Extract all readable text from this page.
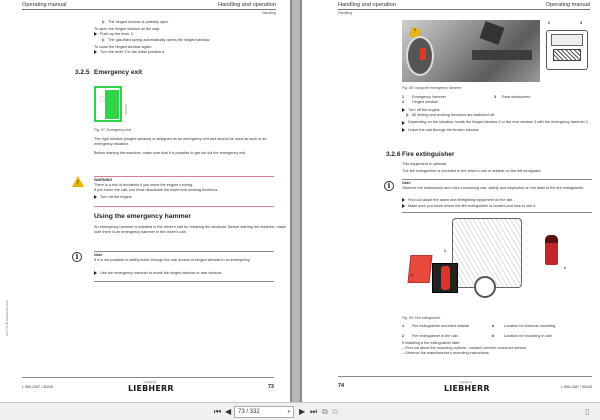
Operating manual	Handling and operation
Handling
The hinged window is partially open.
To open the hinged window all the way:
Push up the lever 3.
The gas-filled spring automatically opens the hinged window.
To close the hinged window again:
Turn the lever 3 to the initial position a.
3.2.5 Emergency exit
0000000
Fig. 57: Emergency exit
The right window (hinged window) is designed as an emergency exit and should be used as such in an emergency situation.
Before starting the machine, make sure that it is possible to get out via the emergency exit.
!	WARNING
There is a risk of accidents if you leave the engine running.
If you leave the cab, you must deactivate the travel and working functions.
Turn off the engine.
Using the emergency hammer
An emergency hammer is installed in the driver's cab for breaking the windows. Before starting the machine, make sure there is an emergency hammer in the driver's cab.
i	Note
If it is not possible to safely leave through the cab access or hinged window in an emergency:
Use the emergency hammer to break the hinged window or rear window.
2017-05-08 LIEBHERR DOC
L 550-1287 / 30245
copyright by
LIEBHERR	73
Handling and operation	Operating manual
Handling
1
2	3
Fig. 58: Using the emergency hammer
1 Emergency hammer	3 Rear windscreen
2 Hinged window
Turn off the engine.
All driving and working functions are switched off.
Depending on the situation, break the hinged window 2 or the rear window 3 with the emergency hammer 1.
Leave the cab through the broken window.
3.2.6 Fire extinguisher
This equipment is optional.
The fire extinguisher is mounted in the driver's cab or outside on the left mudguard.
i	Note
Observe the instructions and rules concerning use, safety and inspection on the label of the fire extinguisher.
Find out about fire alarm and firefighting equipment on the site.
Make sure you know where the fire extinguisher is located and how to use it.
1
2
a
Fig. 59: Fire extinguisher
1 Fire extinguisher mounted outside	a	Location for external mounting
2 Fire extinguisher in the cab	b	Location for mounting in cab
If installing a fire extinguisher later:
– Find out about the mounting options - contact Liebherr customer service.
– Observe the manufacturer's mounting instructions.
74
copyright by
LIEBHERR	L 550-1287 / 30245
⏮ ◀	73 / 332	▾ ▶ ⏭ ⧉ ⧉	▯
